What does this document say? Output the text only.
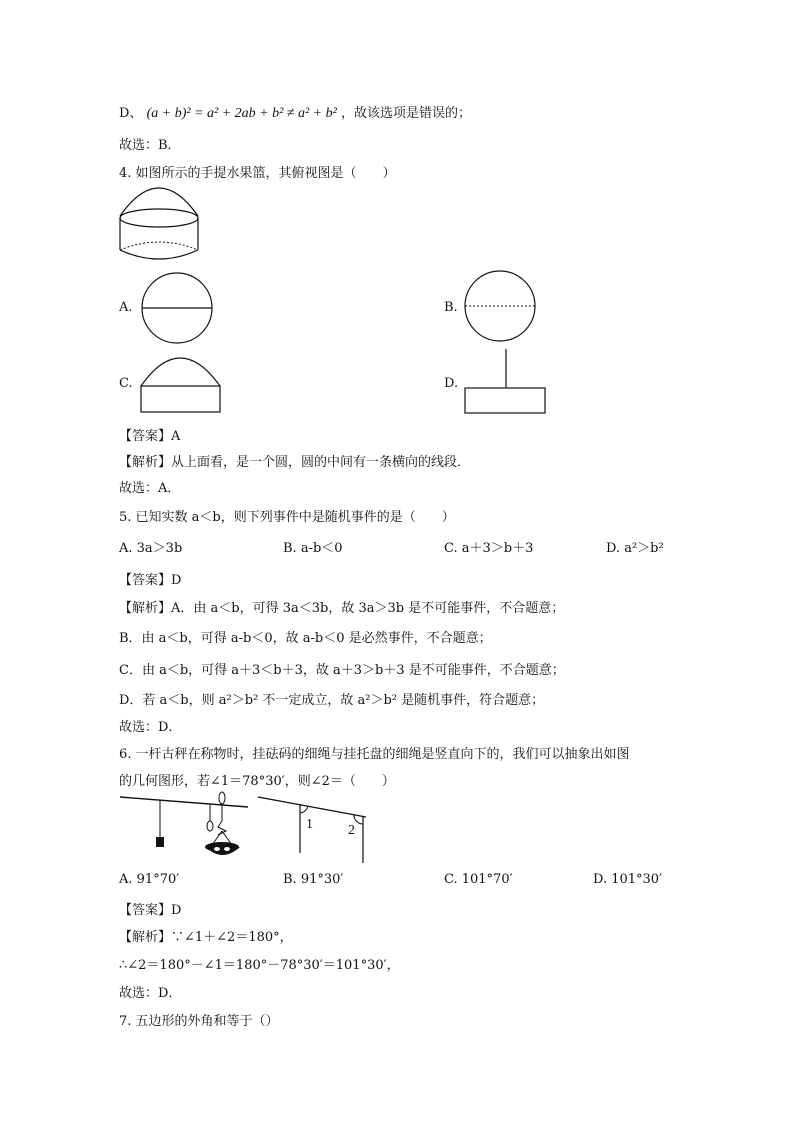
D、 (a + b)² = a² + 2ab + b² ≠ a² + b² ，故该选项是错误的；
故选：B．
4. 如图所示的手提水果篮，其俯视图是（　　）
A.	B.
C.	D.
【答案】A
【解析】从上面看，是一个圆，圆的中间有一条横向的线段．
故选：A．
5. 已知实数 a＜b，则下列事件中是随机事件的是（　　）
A. 3a＞3b	B. a-b＜0	C. a＋3＞b＋3	D. a²＞b²
【答案】D
【解析】A．由 a＜b，可得 3a＜3b，故 3a＞3b 是不可能事件，不合题意；
B．由 a＜b，可得 a-b＜0，故 a-b＜0 是必然事件，不合题意；
C．由 a＜b，可得 a＋3＜b＋3，故 a＋3＞b＋3 是不可能事件，不合题意；
D．若 a＜b，则 a²＞b² 不一定成立，故 a²＞b² 是随机事件，符合题意；
故选：D．
6. 一杆古秤在称物时，挂砝码的细绳与挂托盘的细绳是竖直向下的，我们可以抽象出如图
的几何图形，若∠1＝78°30′，则∠2＝（　　）
1	2
A. 91°70′	B. 91°30′	C. 101°70′	D. 101°30′
【答案】D
【解析】∵∠1＋∠2＝180°，
∴∠2＝180°－∠1＝180°－78°30′＝101°30′，
故选：D．
7. 五边形的外角和等于（）
